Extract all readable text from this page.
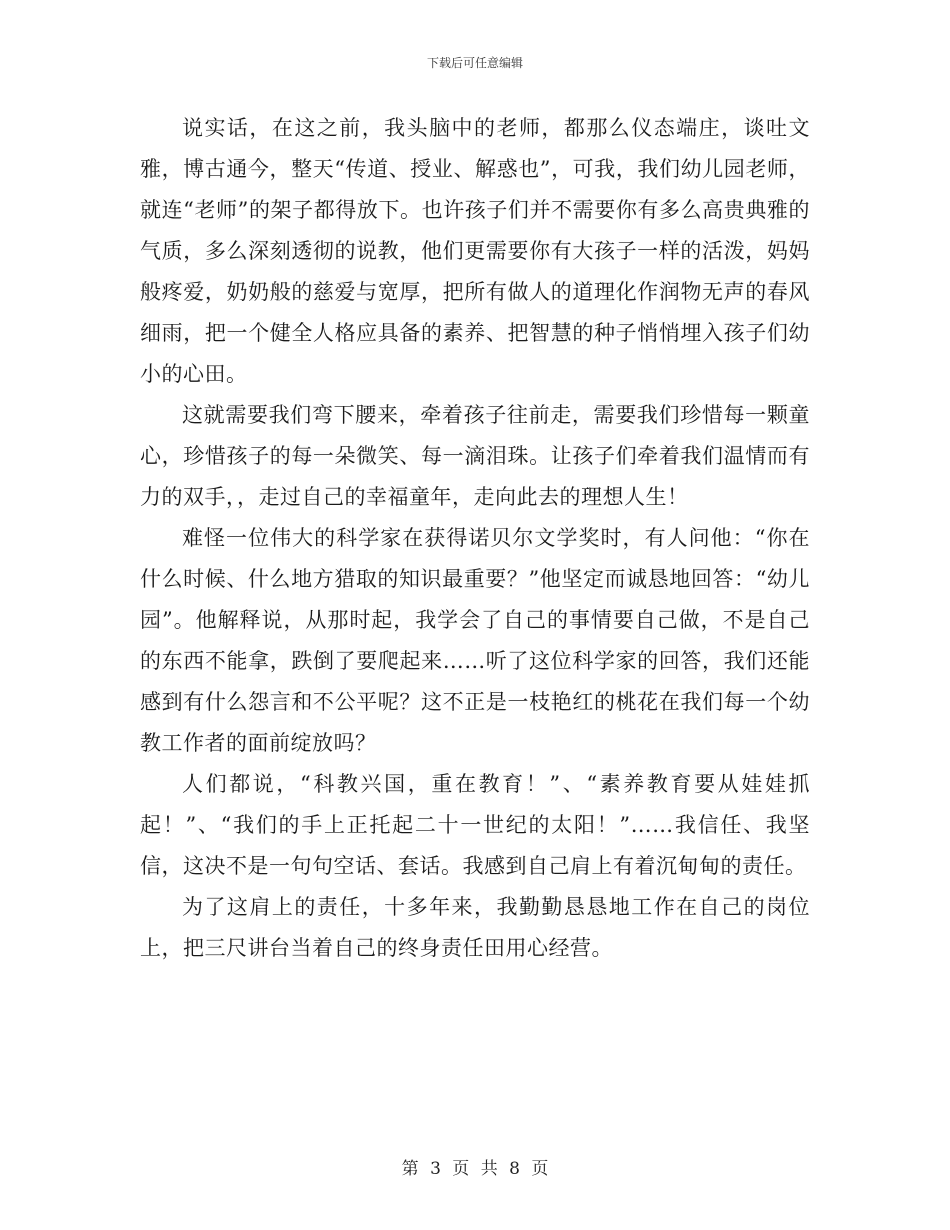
下载后可任意编辑

说实话，在这之前，我头脑中的老师，都那么仪态端庄，谈吐文雅，博古通今，整天“传道、授业、解惑也”，可我，我们幼儿园老师，就连“老师”的架子都得放下。也许孩子们并不需要你有多么高贵典雅的气质，多么深刻透彻的说教，他们更需要你有大孩子一样的活泼，妈妈般疼爱，奶奶般的慈爱与宽厚，把所有做人的道理化作润物无声的春风细雨，把一个健全人格应具备的素养、把智慧的种子悄悄埋入孩子们幼小的心田。

这就需要我们弯下腰来，牵着孩子往前走，需要我们珍惜每一颗童心，珍惜孩子的每一朵微笑、每一滴泪珠。让孩子们牵着我们温情而有力的双手，，走过自己的幸福童年，走向此去的理想人生！

难怪一位伟大的科学家在获得诺贝尔文学奖时，有人问他：“你在什么时候、什么地方猎取的知识最重要？”他坚定而诚恳地回答：“幼儿园”。他解释说，从那时起，我学会了自己的事情要自己做，不是自己的东西不能拿，跌倒了要爬起来……听了这位科学家的回答，我们还能感到有什么怨言和不公平呢？这不正是一枝艳红的桃花在我们每一个幼教工作者的面前绽放吗？

人们都说，“科教兴国，重在教育！”、“素养教育要从娃娃抓起！”、“我们的手上正托起二十一世纪的太阳！”……我信任、我坚信，这决不是一句句空话、套话。我感到自己肩上有着沉甸甸的责任。

为了这肩上的责任，十多年来，我勤勤恳恳地工作在自己的岗位上，把三尺讲台当着自己的终身责任田用心经营。

第 3 页 共 8 页
